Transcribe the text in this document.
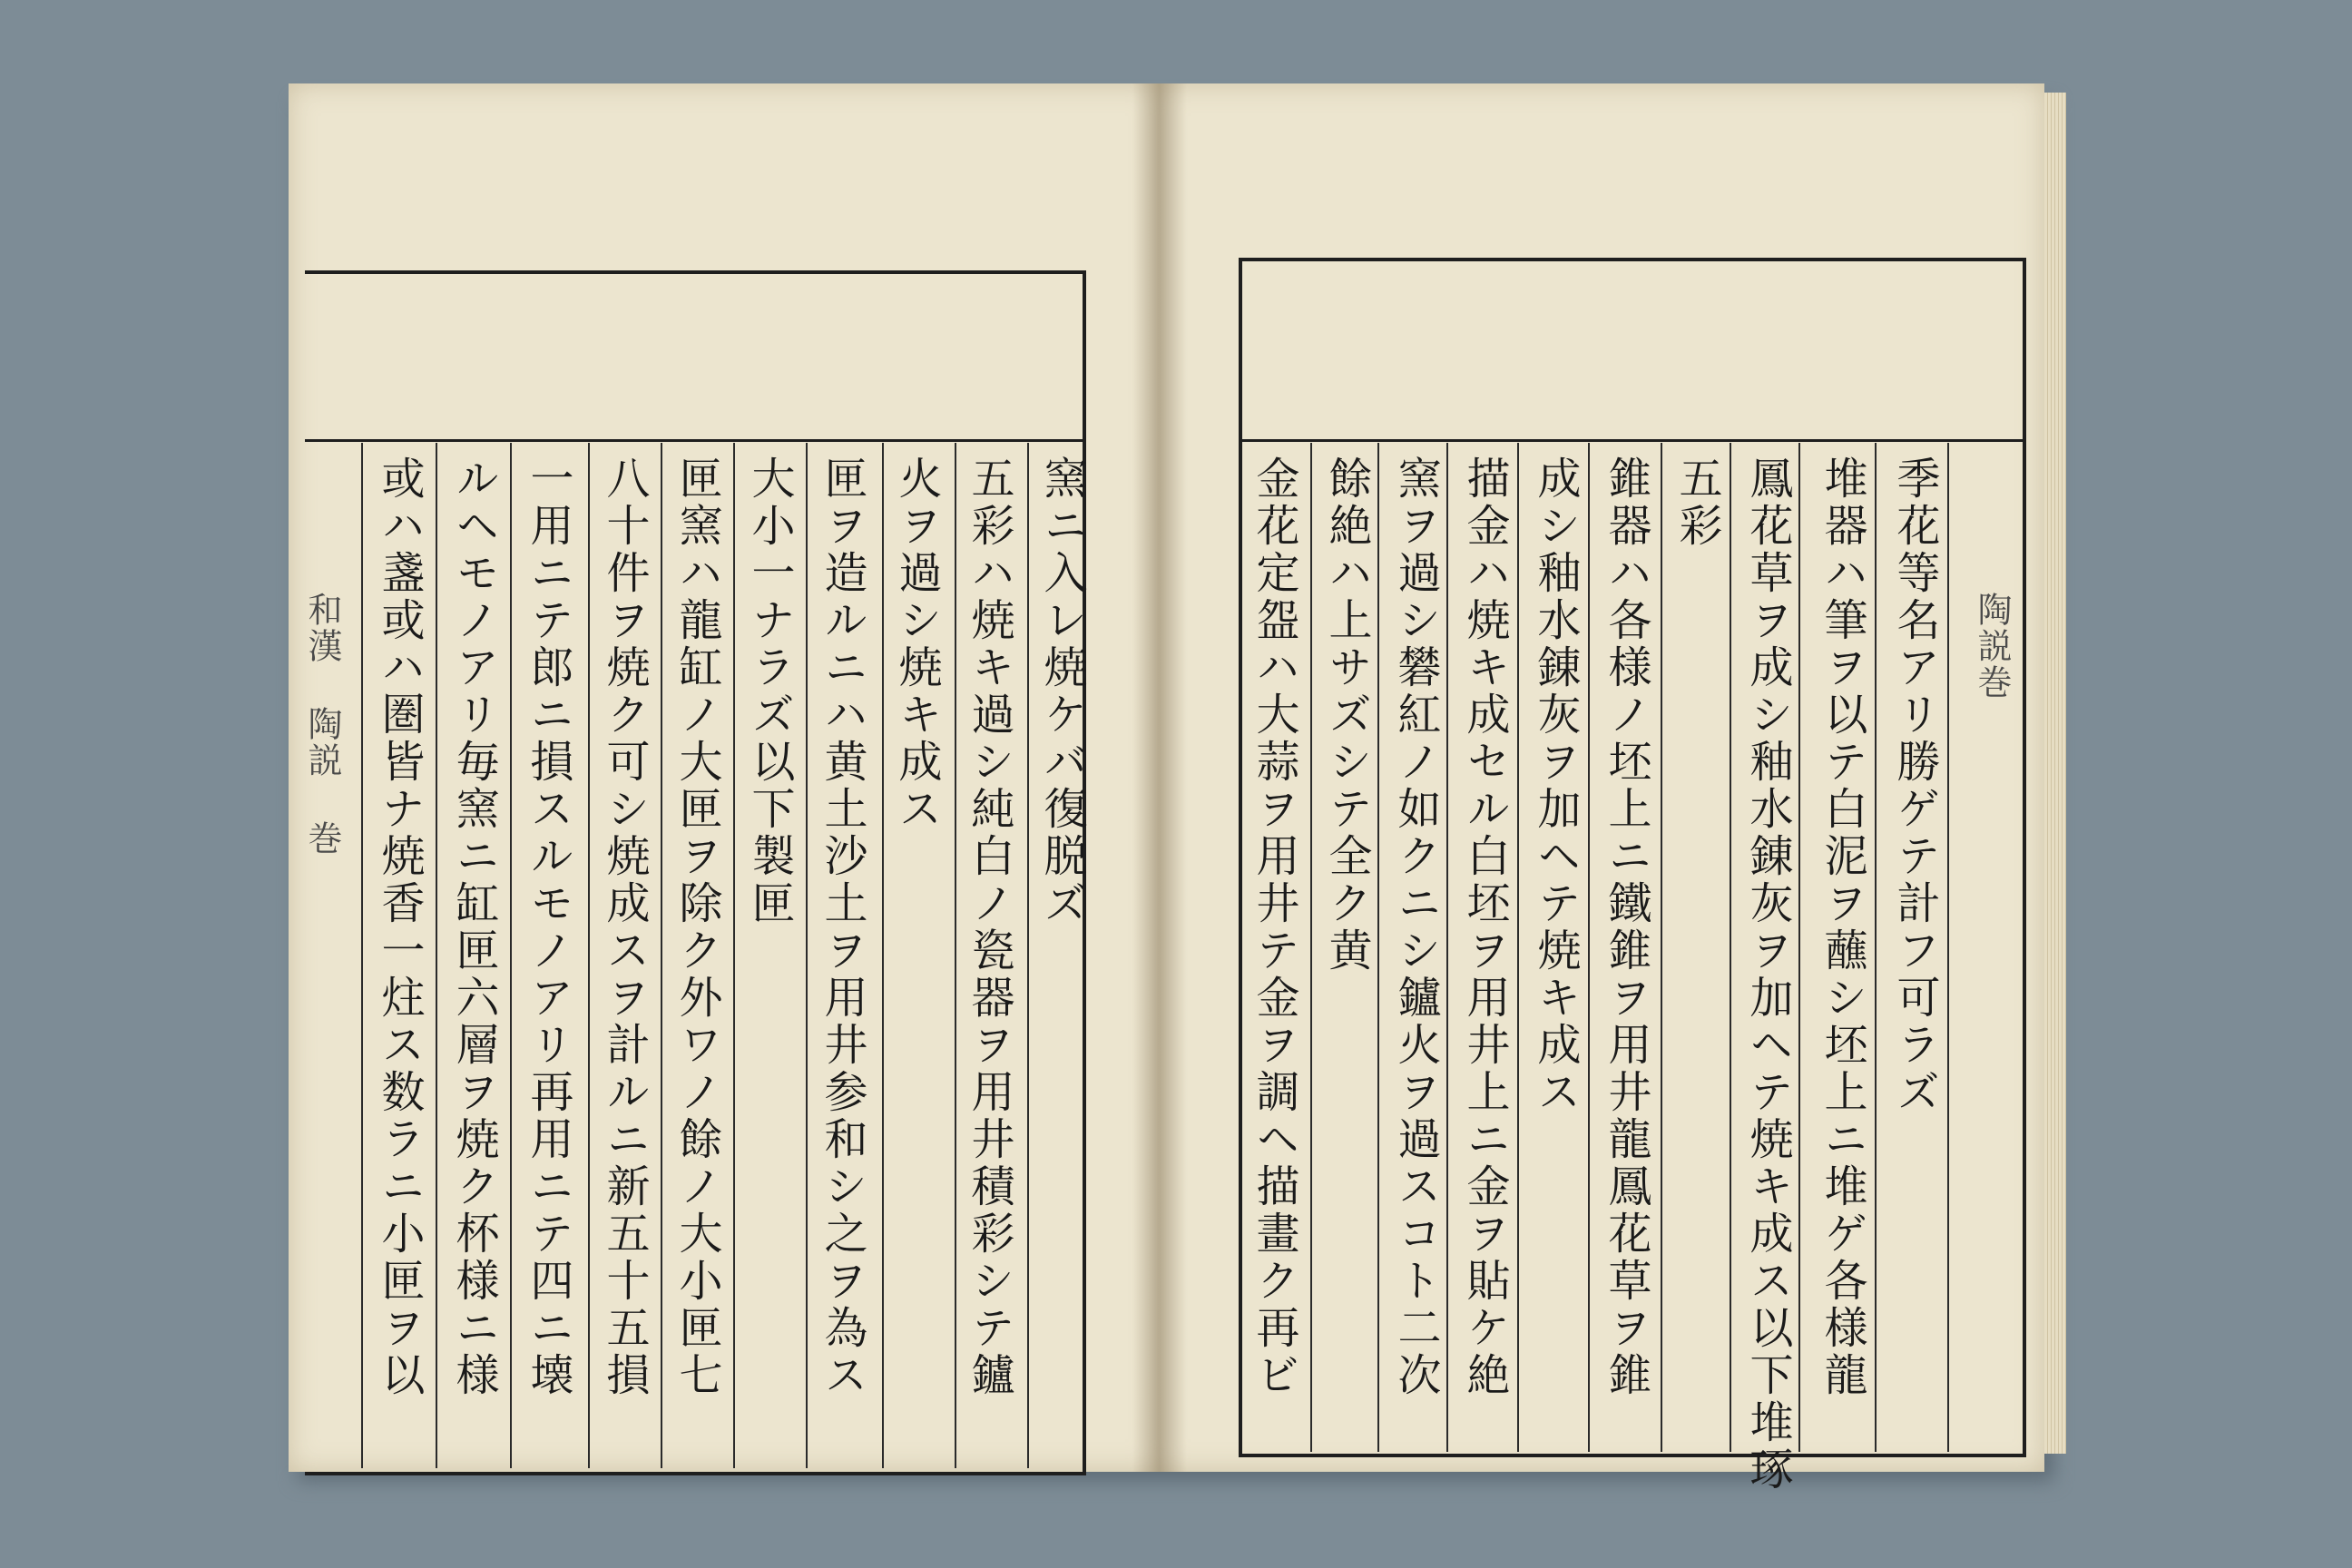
和漢 陶説 巻	窯ニ入レ焼ケバ復脱ズ
五彩ハ焼キ過シ純白ノ瓷器ヲ用井積彩シテ鑪
火ヲ過シ焼キ成ス
匣ヲ造ルニハ黄土沙土ヲ用井参和シ之ヲ為ス
大小一ナラズ以下製匣
匣窯ハ龍缸ノ大匣ヲ除ク外ワノ餘ノ大小匣七
八十件ヲ焼ク可シ焼成スヲ計ルニ新五十五損
一用ニテ郎ニ損スルモノアリ再用ニテ四ニ壊
ルヘモノアリ毎窯ニ缸匣六層ヲ焼ク杯様ニ様
或ハ盞或ハ圏皆ナ焼香一炷ス数ラニ小匣ヲ以	陶説巻
季花等名アリ勝ゲテ計フ可ラズ
堆器ハ筆ヲ以テ白泥ヲ蘸シ坯上ニ堆ゲ各様龍
鳳花草ヲ成シ釉水錬灰ヲ加ヘテ焼キ成ス以下堆琢
五彩
錐器ハ各様ノ坯上ニ鐵錐ヲ用井龍鳳花草ヲ錐
成シ釉水錬灰ヲ加ヘテ焼キ成ス
描金ハ焼キ成セル白坯ヲ用井上ニ金ヲ貼ケ絶
窯ヲ過シ礬紅ノ如クニシ鑪火ヲ過スコト二次
餘絶ハ上サズシテ全ク黄
金花定盌ハ大蒜ヲ用井テ金ヲ調ヘ描畫ク再ビ
